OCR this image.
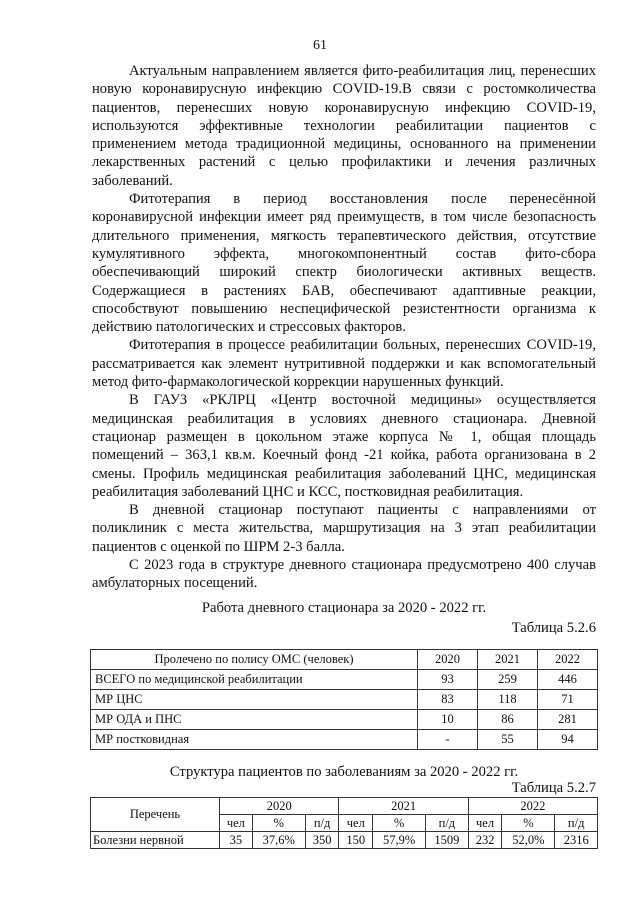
61

Актуальным направлением является фито-реабилитация лиц, перенесших новую коронавирусную инфекцию COVID-19.В связи с ростомколичества пациентов, перенесших новую коронавирусную инфекцию COVID-19, используются эффективные технологии реабилитации пациентов с применением метода традиционной медицины, основанного на применении лекарственных растений с целью профилактики и лечения различных заболеваний.

Фитотерапия в период восстановления после перенесённой коронавирусной инфекции имеет ряд преимуществ, в том числе безопасность длительного применения, мягкость терапевтического действия, отсутствие кумулятивного эффекта, многокомпонентный состав фито-сбора обеспечивающий широкий спектр биологически активных веществ. Содержащиеся в растениях БАВ, обеспечивают адаптивные реакции, способствуют повышению неспецифической резистентности организма к действию патологических и стрессовых факторов.

Фитотерапия в процессе реабилитации больных, перенесших COVID-19, рассматривается как элемент нутритивной поддержки и как вспомогательный метод фито-фармакологической коррекции нарушенных функций.

В ГАУЗ «РКЛРЦ «Центр восточной медицины» осуществляется медицинская реабилитация в условиях дневного стационара. Дневной стационар размещен в цокольном этаже корпуса № 1, общая площадь помещений – 363,1 кв.м. Коечный фонд -21 койка, работа организована в 2 смены. Профиль медицинская реабилитация заболеваний ЦНС, медицинская реабилитация заболеваний ЦНС и КСС, постковидная реабилитация.

В дневной стационар поступают пациенты с направлениями от поликлиник с места жительства, маршрутизация на 3 этап реабилитации пациентов с оценкой по ШРМ 2-3 балла.

С 2023 года в структуре дневного стационара предусмотрено 400 случав амбулаторных посещений.

Работа дневного стационара за 2020 - 2022 гг.
Таблица 5.2.6
Пролечено по полису ОМС (человек)	2020	2021	2022
ВСЕГО по медицинской реабилитации	93	259	446
МР ЦНС	83	118	71
МР ОДА и ПНС	10	86	281
МР постковидная	-	55	94
Структура пациентов по заболеваниям за 2020 - 2022 гг.
Таблица 5.2.7
Перечень	2020			2021			2022		
	чел	%	п/д	чел	%	п/д	чел	%	п/д
Болезни нервной	35	37,6%	350	150	57,9%	1509	232	52,0%	2316
